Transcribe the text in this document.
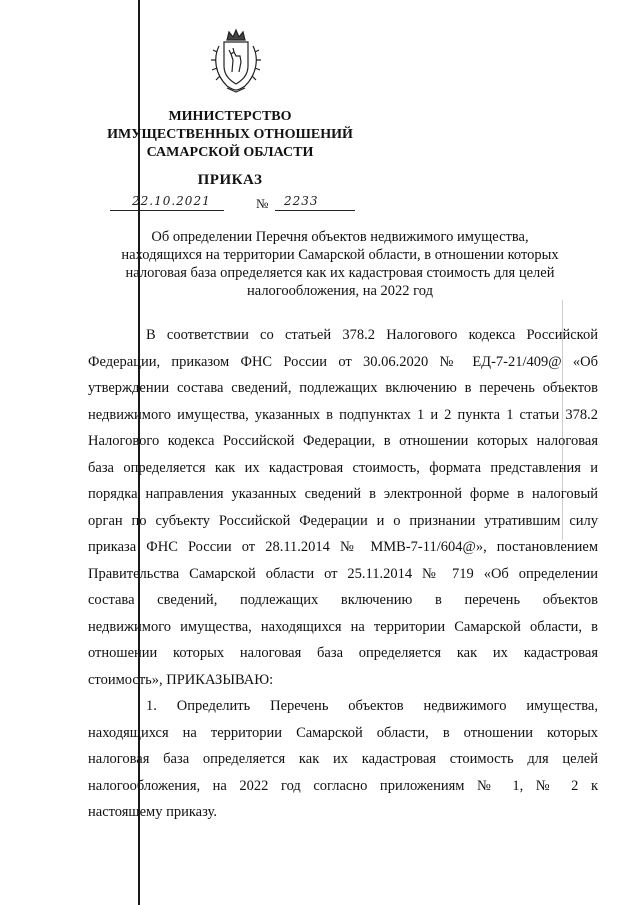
МИНИСТЕРСТВО
ИМУЩЕСТВЕННЫХ ОТНОШЕНИЙ
САМАРСКОЙ ОБЛАСТИ
ПРИКАЗ
22.10.2021	№ 2233
Об определении Перечня объектов недвижимого имущества,
находящихся на территории Самарской области, в отношении которых
налоговая база определяется как их кадастровая стоимость для целей
налогообложения, на 2022 год
В соответствии со статьей 378.2 Налогового кодекса Российской
Федерации, приказом ФНС России от 30.06.2020 № ЕД-7-21/409@ «Об
утверждении состава сведений, подлежащих включению в перечень объектов
недвижимого имущества, указанных в подпунктах 1 и 2 пункта 1 статьи 378.2
Налогового кодекса Российской Федерации, в отношении которых налоговая
база определяется как их кадастровая стоимость, формата представления и
порядка направления указанных сведений в электронной форме в налоговый
орган по субъекту Российской Федерации и о признании утратившим силу
приказа ФНС России от 28.11.2014 № ММВ-7-11/604@», постановлением
Правительства Самарской области от 25.11.2014 № 719 «Об определении
состава сведений, подлежащих включению в перечень объектов
недвижимого имущества, находящихся на территории Самарской области, в
отношении которых налоговая база определяется как их кадастровая
стоимость», ПРИКАЗЫВАЮ:
1. Определить Перечень объектов недвижимого имущества,
находящихся на территории Самарской области, в отношении которых
налоговая база определяется как их кадастровая стоимость для целей
налогообложения, на 2022 год согласно приложениям № 1, № 2 к
настоящему приказу.
